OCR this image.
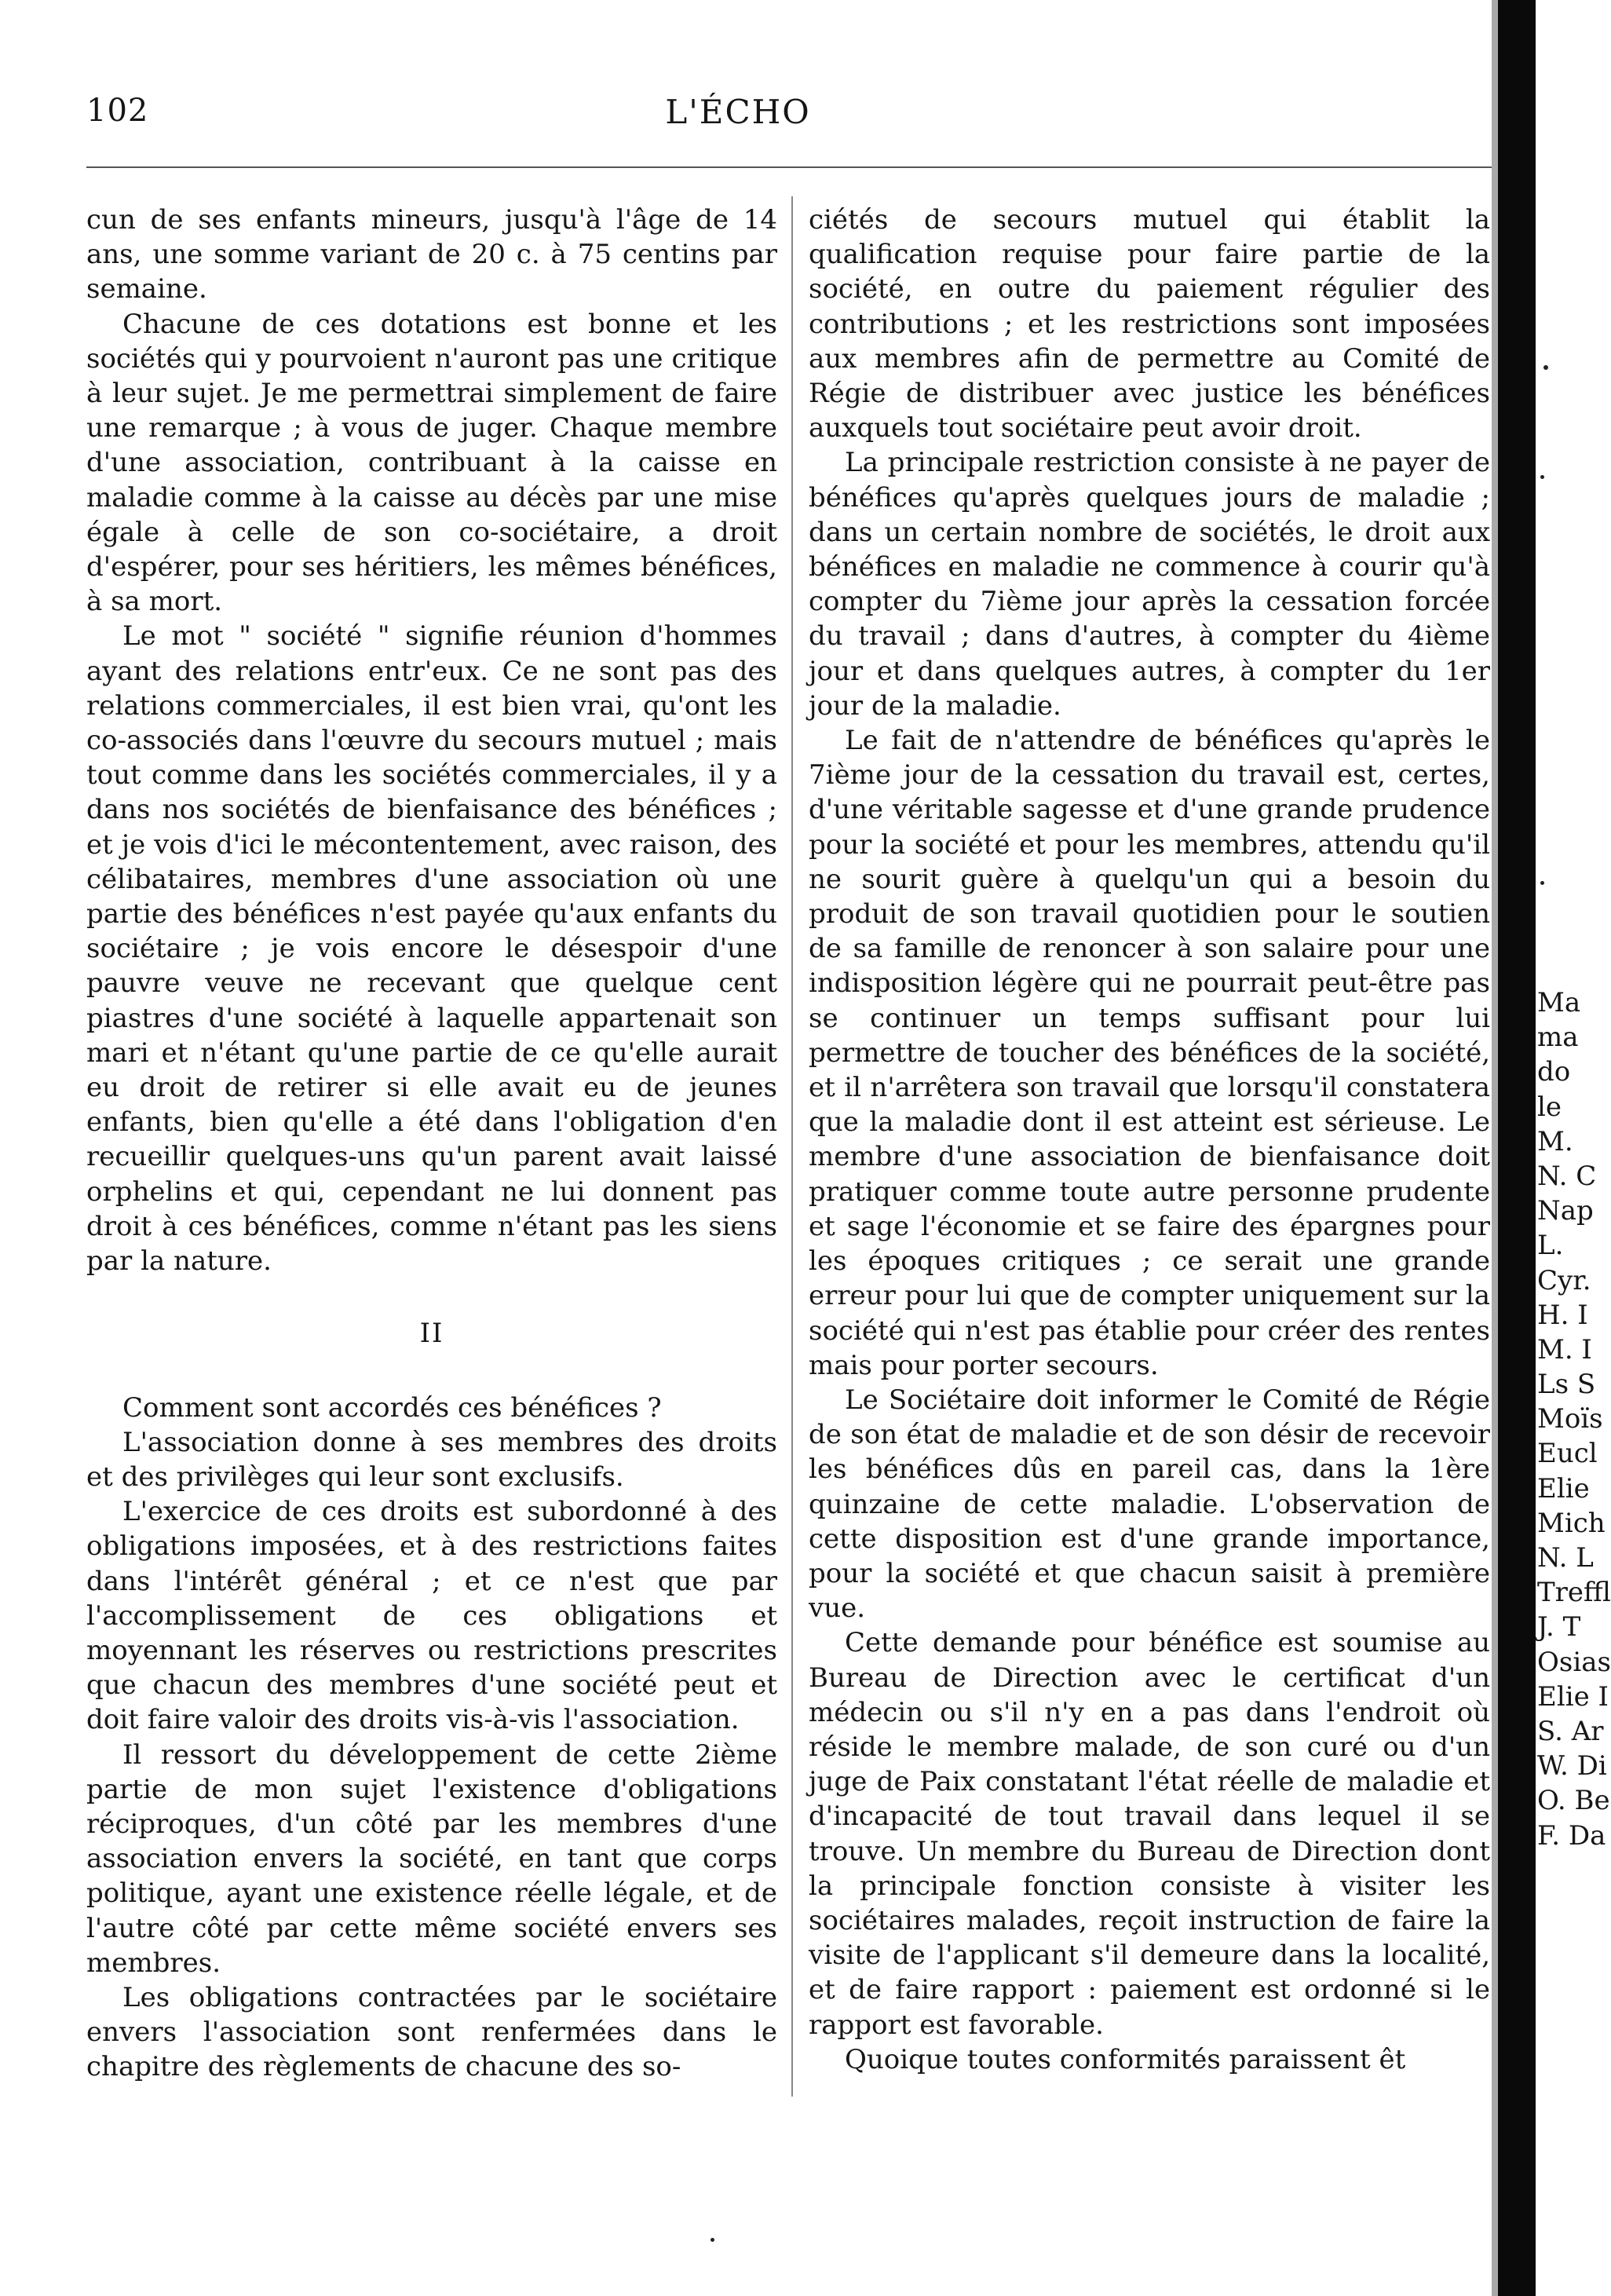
102	L'ÉCHO

cun de ses enfants mineurs, jusqu'à l'âge de 14 ans, une somme variant de 20 c. à 75 centins par semaine.

Chacune de ces dotations est bonne et les sociétés qui y pourvoient n'auront pas une critique à leur sujet. Je me permettrai simplement de faire une remarque ; à vous de juger. Chaque membre d'une association, contribuant à la caisse en maladie comme à la caisse au décès par une mise égale à celle de son co-sociétaire, a droit d'espérer, pour ses héritiers, les mêmes bénéfices, à sa mort.

Le mot " société " signifie réunion d'hommes ayant des relations entr'eux. Ce ne sont pas des relations commerciales, il est bien vrai, qu'ont les co-associés dans l'œuvre du secours mutuel ; mais tout comme dans les sociétés commerciales, il y a dans nos sociétés de bienfaisance des bénéfices ; et je vois d'ici le mécontentement, avec raison, des célibataires, membres d'une association où une partie des bénéfices n'est payée qu'aux enfants du sociétaire ; je vois encore le désespoir d'une pauvre veuve ne recevant que quelque cent piastres d'une société à laquelle appartenait son mari et n'étant qu'une partie de ce qu'elle aurait eu droit de retirer si elle avait eu de jeunes enfants, bien qu'elle a été dans l'obligation d'en recueillir quelques-uns qu'un parent avait laissé orphelins et qui, cependant ne lui donnent pas droit à ces bénéfices, comme n'étant pas les siens par la nature.

II

Comment sont accordés ces bénéfices ?

L'association donne à ses membres des droits et des privilèges qui leur sont exclusifs.

L'exercice de ces droits est subordonné à des obligations imposées, et à des restrictions faites dans l'intérêt général ; et ce n'est que par l'accomplissement de ces obligations et moyennant les réserves ou restrictions prescrites que chacun des membres d'une société peut et doit faire valoir des droits vis-à-vis l'association.

Il ressort du développement de cette 2ième partie de mon sujet l'existence d'obligations réciproques, d'un côté par les membres d'une association envers la société, en tant que corps politique, ayant une existence réelle légale, et de l'autre côté par cette même société envers ses membres.

Les obligations contractées par le sociétaire envers l'association sont renfermées dans le chapitre des règlements de chacune des so-

ciétés de secours mutuel qui établit la qualification requise pour faire partie de la société, en outre du paiement régulier des contributions ; et les restrictions sont imposées aux membres afin de permettre au Comité de Régie de distribuer avec justice les bénéfices auxquels tout sociétaire peut avoir droit.

La principale restriction consiste à ne payer de bénéfices qu'après quelques jours de maladie ; dans un certain nombre de sociétés, le droit aux bénéfices en maladie ne commence à courir qu'à compter du 7ième jour après la cessation forcée du travail ; dans d'autres, à compter du 4ième jour et dans quelques autres, à compter du 1er jour de la maladie.

Le fait de n'attendre de bénéfices qu'après le 7ième jour de la cessation du travail est, certes, d'une véritable sagesse et d'une grande prudence pour la société et pour les membres, attendu qu'il ne sourit guère à quelqu'un qui a besoin du produit de son travail quotidien pour le soutien de sa famille de renoncer à son salaire pour une indisposition légère qui ne pourrait peut-être pas se continuer un temps suffisant pour lui permettre de toucher des bénéfices de la société, et il n'arrêtera son travail que lorsqu'il constatera que la maladie dont il est atteint est sérieuse. Le membre d'une association de bienfaisance doit pratiquer comme toute autre personne prudente et sage l'économie et se faire des épargnes pour les époques critiques ; ce serait une grande erreur pour lui que de compter uniquement sur la société qui n'est pas établie pour créer des rentes mais pour porter secours.

Le Sociétaire doit informer le Comité de Régie de son état de maladie et de son désir de recevoir les bénéfices dûs en pareil cas, dans la 1ère quinzaine de cette maladie. L'observation de cette disposition est d'une grande importance, pour la société et que chacun saisit à première vue.

Cette demande pour bénéfice est soumise au Bureau de Direction avec le certificat d'un médecin ou s'il n'y en a pas dans l'endroit où réside le membre malade, de son curé ou d'un juge de Paix constatant l'état réelle de maladie et d'incapacité de tout travail dans lequel il se trouve. Un membre du Bureau de Direction dont la principale fonction consiste à visiter les sociétaires malades, reçoit instruction de faire la visite de l'applicant s'il demeure dans la localité, et de faire rapport : paiement est ordonné si le rapport est favorable.

Quoique toutes conformités paraissent êt

Ma
ma
do
le
M.
N. C
Nap
L.
Cyr.
H. I
M. I
Ls S
Moïs
Eucl
Elie
Mich
N. L
Treffl
J. T
Osias
Elie I
S. Ar
W. Di
O. Be
F. Da
